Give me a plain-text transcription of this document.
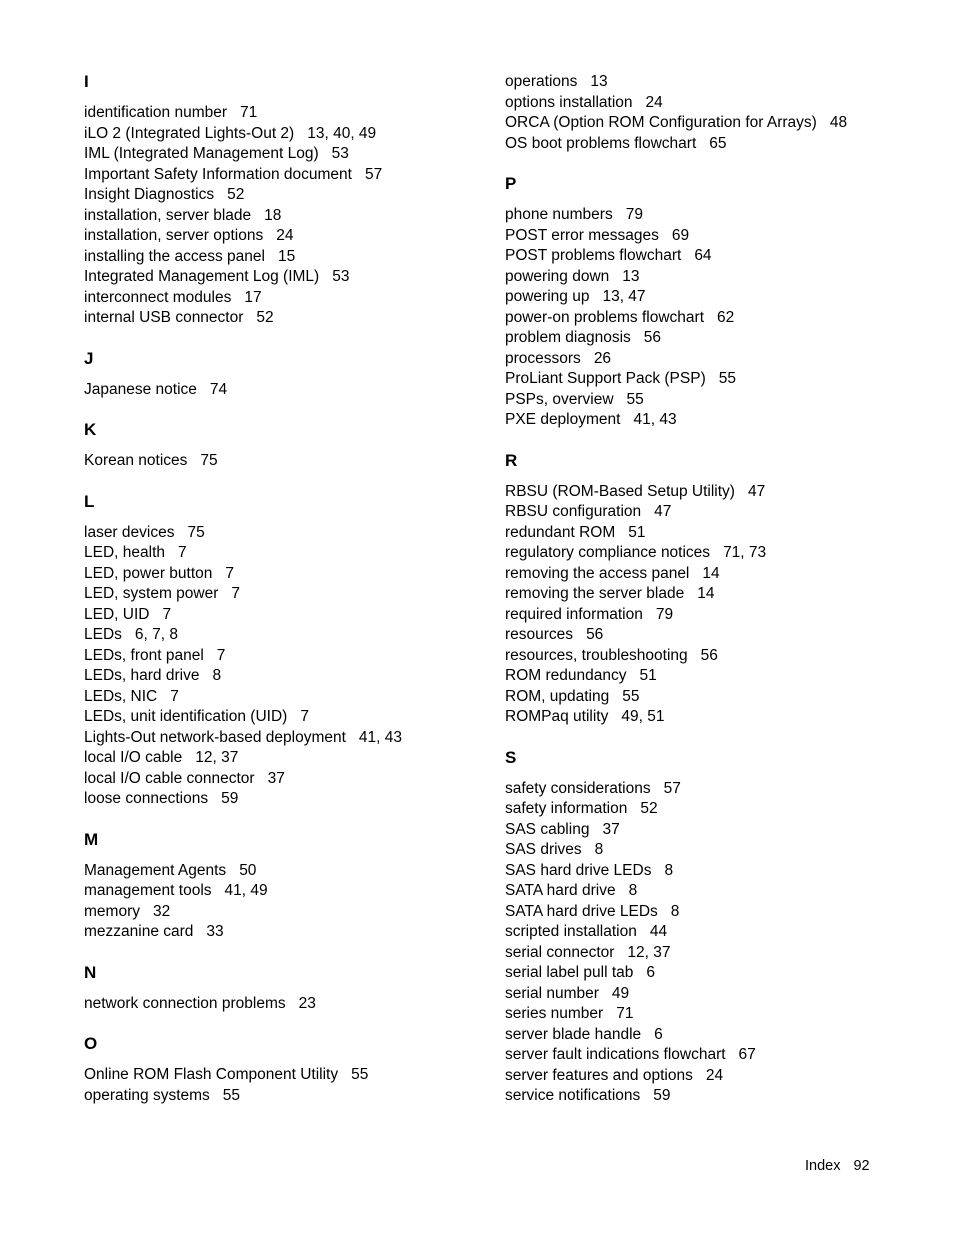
I
identification number 71
iLO 2 (Integrated Lights-Out 2) 13, 40, 49
IML (Integrated Management Log) 53
Important Safety Information document 57
Insight Diagnostics 52
installation, server blade 18
installation, server options 24
installing the access panel 15
Integrated Management Log (IML) 53
interconnect modules 17
internal USB connector 52
J
Japanese notice 74
K
Korean notices 75
L
laser devices 75
LED, health 7
LED, power button 7
LED, system power 7
LED, UID 7
LEDs 6, 7, 8
LEDs, front panel 7
LEDs, hard drive 8
LEDs, NIC 7
LEDs, unit identification (UID) 7
Lights-Out network-based deployment 41, 43
local I/O cable 12, 37
local I/O cable connector 37
loose connections 59
M
Management Agents 50
management tools 41, 49
memory 32
mezzanine card 33
N
network connection problems 23
O
Online ROM Flash Component Utility 55
operating systems 55
operations 13
options installation 24
ORCA (Option ROM Configuration for Arrays) 48
OS boot problems flowchart 65
P
phone numbers 79
POST error messages 69
POST problems flowchart 64
powering down 13
powering up 13, 47
power-on problems flowchart 62
problem diagnosis 56
processors 26
ProLiant Support Pack (PSP) 55
PSPs, overview 55
PXE deployment 41, 43
R
RBSU (ROM-Based Setup Utility) 47
RBSU configuration 47
redundant ROM 51
regulatory compliance notices 71, 73
removing the access panel 14
removing the server blade 14
required information 79
resources 56
resources, troubleshooting 56
ROM redundancy 51
ROM, updating 55
ROMPaq utility 49, 51
S
safety considerations 57
safety information 52
SAS cabling 37
SAS drives 8
SAS hard drive LEDs 8
SATA hard drive 8
SATA hard drive LEDs 8
scripted installation 44
serial connector 12, 37
serial label pull tab 6
serial number 49
series number 71
server blade handle 6
server fault indications flowchart 67
server features and options 24
service notifications 59
Index 92
